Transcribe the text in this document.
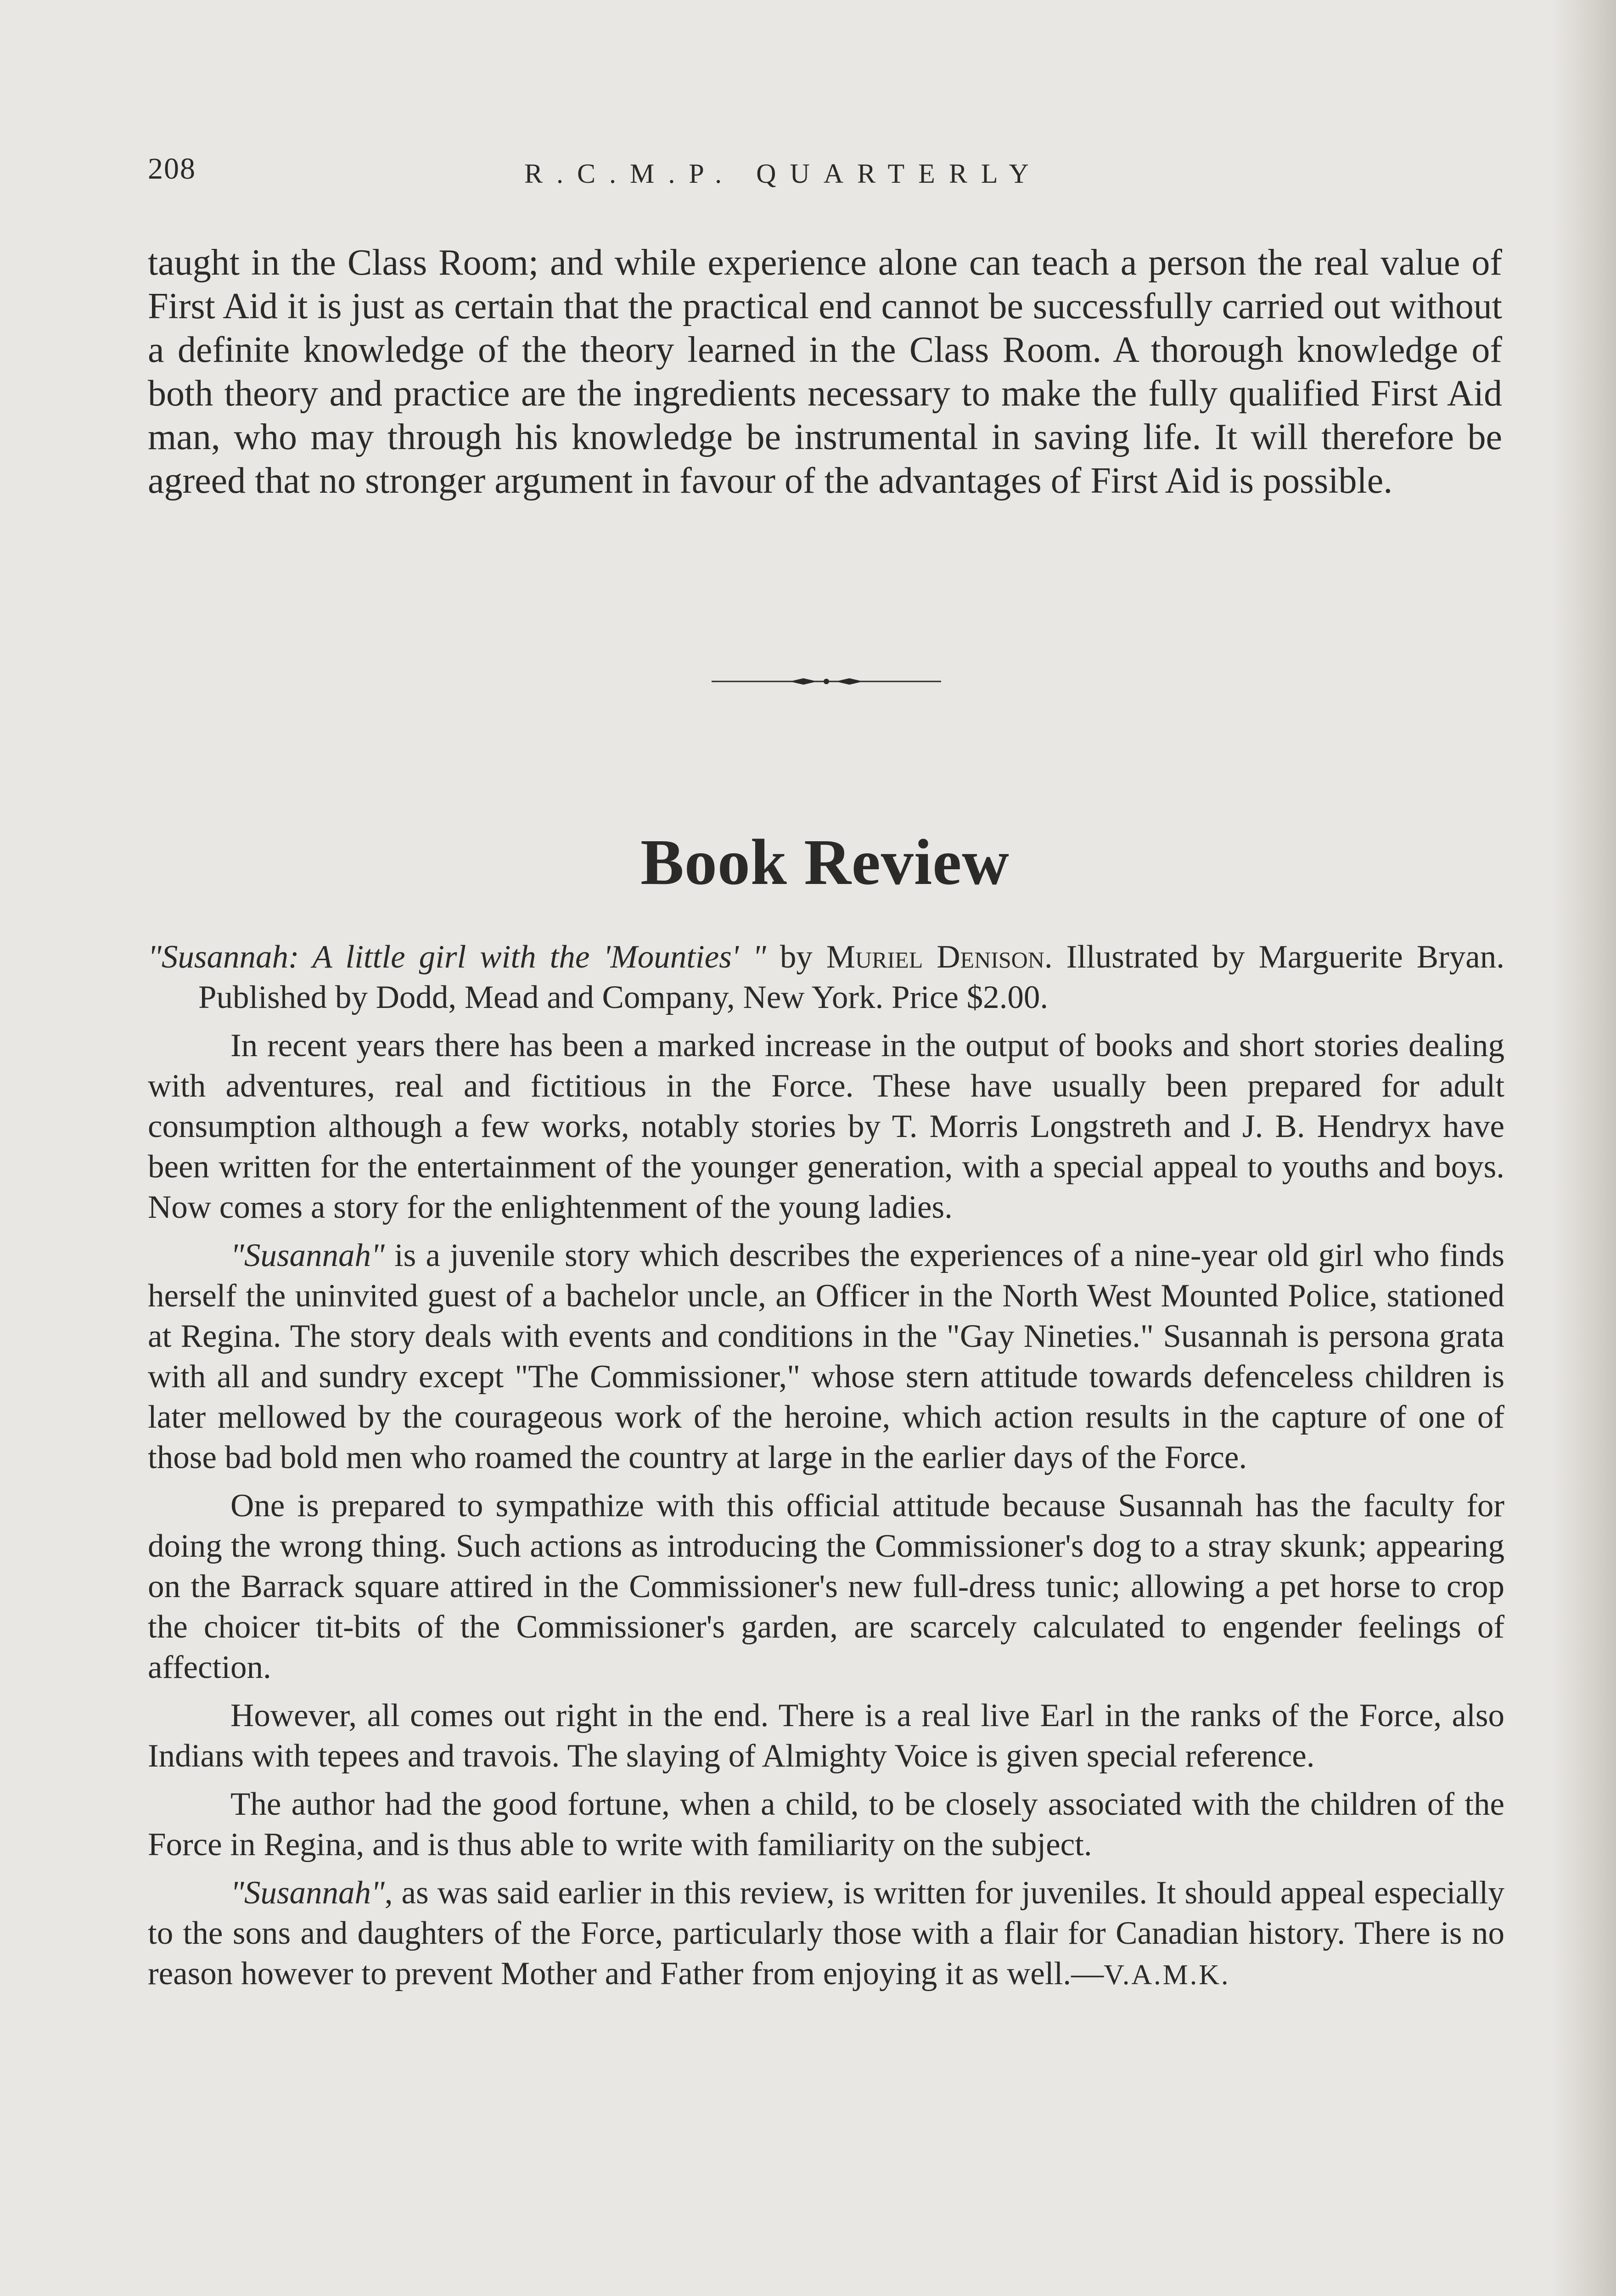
208	R.C.M.P. QUARTERLY

taught in the Class Room; and while experience alone can teach a person the real value of First Aid it is just as certain that the practical end cannot be successfully carried out without a definite knowledge of the theory learned in the Class Room. A thorough knowledge of both theory and practice are the ingredients necessary to make the fully qualified First Aid man, who may through his knowledge be instrumental in saving life. It will therefore be agreed that no stronger argument in favour of the advantages of First Aid is possible.

Book Review

"Susannah: A little girl with the 'Mounties' " by Muriel Denison. Illustrated by Marguerite Bryan. Published by Dodd, Mead and Company, New York. Price $2.00.

In recent years there has been a marked increase in the output of books and short stories dealing with adventures, real and fictitious in the Force. These have usually been prepared for adult consumption although a few works, notably stories by T. Morris Longstreth and J. B. Hendryx have been written for the entertainment of the younger generation, with a special appeal to youths and boys. Now comes a story for the enlightenment of the young ladies.

"Susannah" is a juvenile story which describes the experiences of a nine-year old girl who finds herself the uninvited guest of a bachelor uncle, an Officer in the North West Mounted Police, stationed at Regina. The story deals with events and conditions in the "Gay Nineties." Susannah is persona grata with all and sundry except "The Commissioner," whose stern attitude towards defenceless children is later mellowed by the courageous work of the heroine, which action results in the capture of one of those bad bold men who roamed the country at large in the earlier days of the Force.

One is prepared to sympathize with this official attitude because Susannah has the faculty for doing the wrong thing. Such actions as introducing the Commissioner's dog to a stray skunk; appearing on the Barrack square attired in the Commissioner's new full-dress tunic; allowing a pet horse to crop the choicer tit-bits of the Commissioner's garden, are scarcely calculated to engender feelings of affection.

However, all comes out right in the end. There is a real live Earl in the ranks of the Force, also Indians with tepees and travois. The slaying of Almighty Voice is given special reference.

The author had the good fortune, when a child, to be closely associated with the children of the Force in Regina, and is thus able to write with familiarity on the subject.

"Susannah", as was said earlier in this review, is written for juveniles. It should appeal especially to the sons and daughters of the Force, particularly those with a flair for Canadian history. There is no reason however to prevent Mother and Father from enjoying it as well.—V.A.M.K.
